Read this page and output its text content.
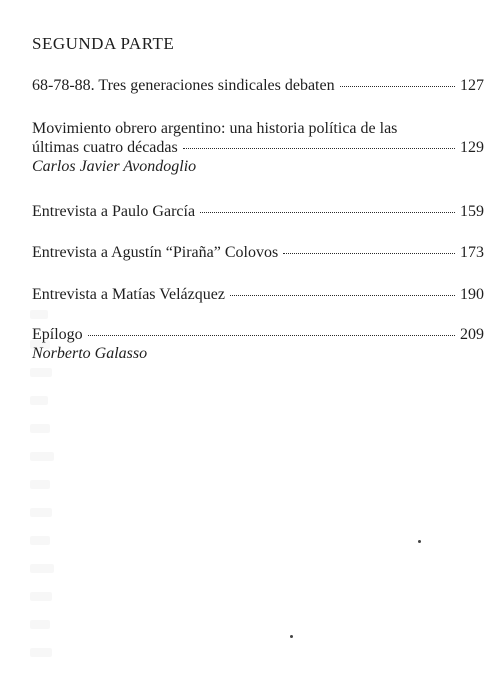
SEGUNDA PARTE
68-78-88. Tres generaciones sindicales debaten	127
Movimiento obrero argentino: una historia política de las
últimas cuatro décadas	129
Carlos Javier Avondoglio
Entrevista a Paulo García	159
Entrevista a Agustín “Piraña” Colovos	173
Entrevista a Matías Velázquez	190
Epílogo	209
Norberto Galasso
